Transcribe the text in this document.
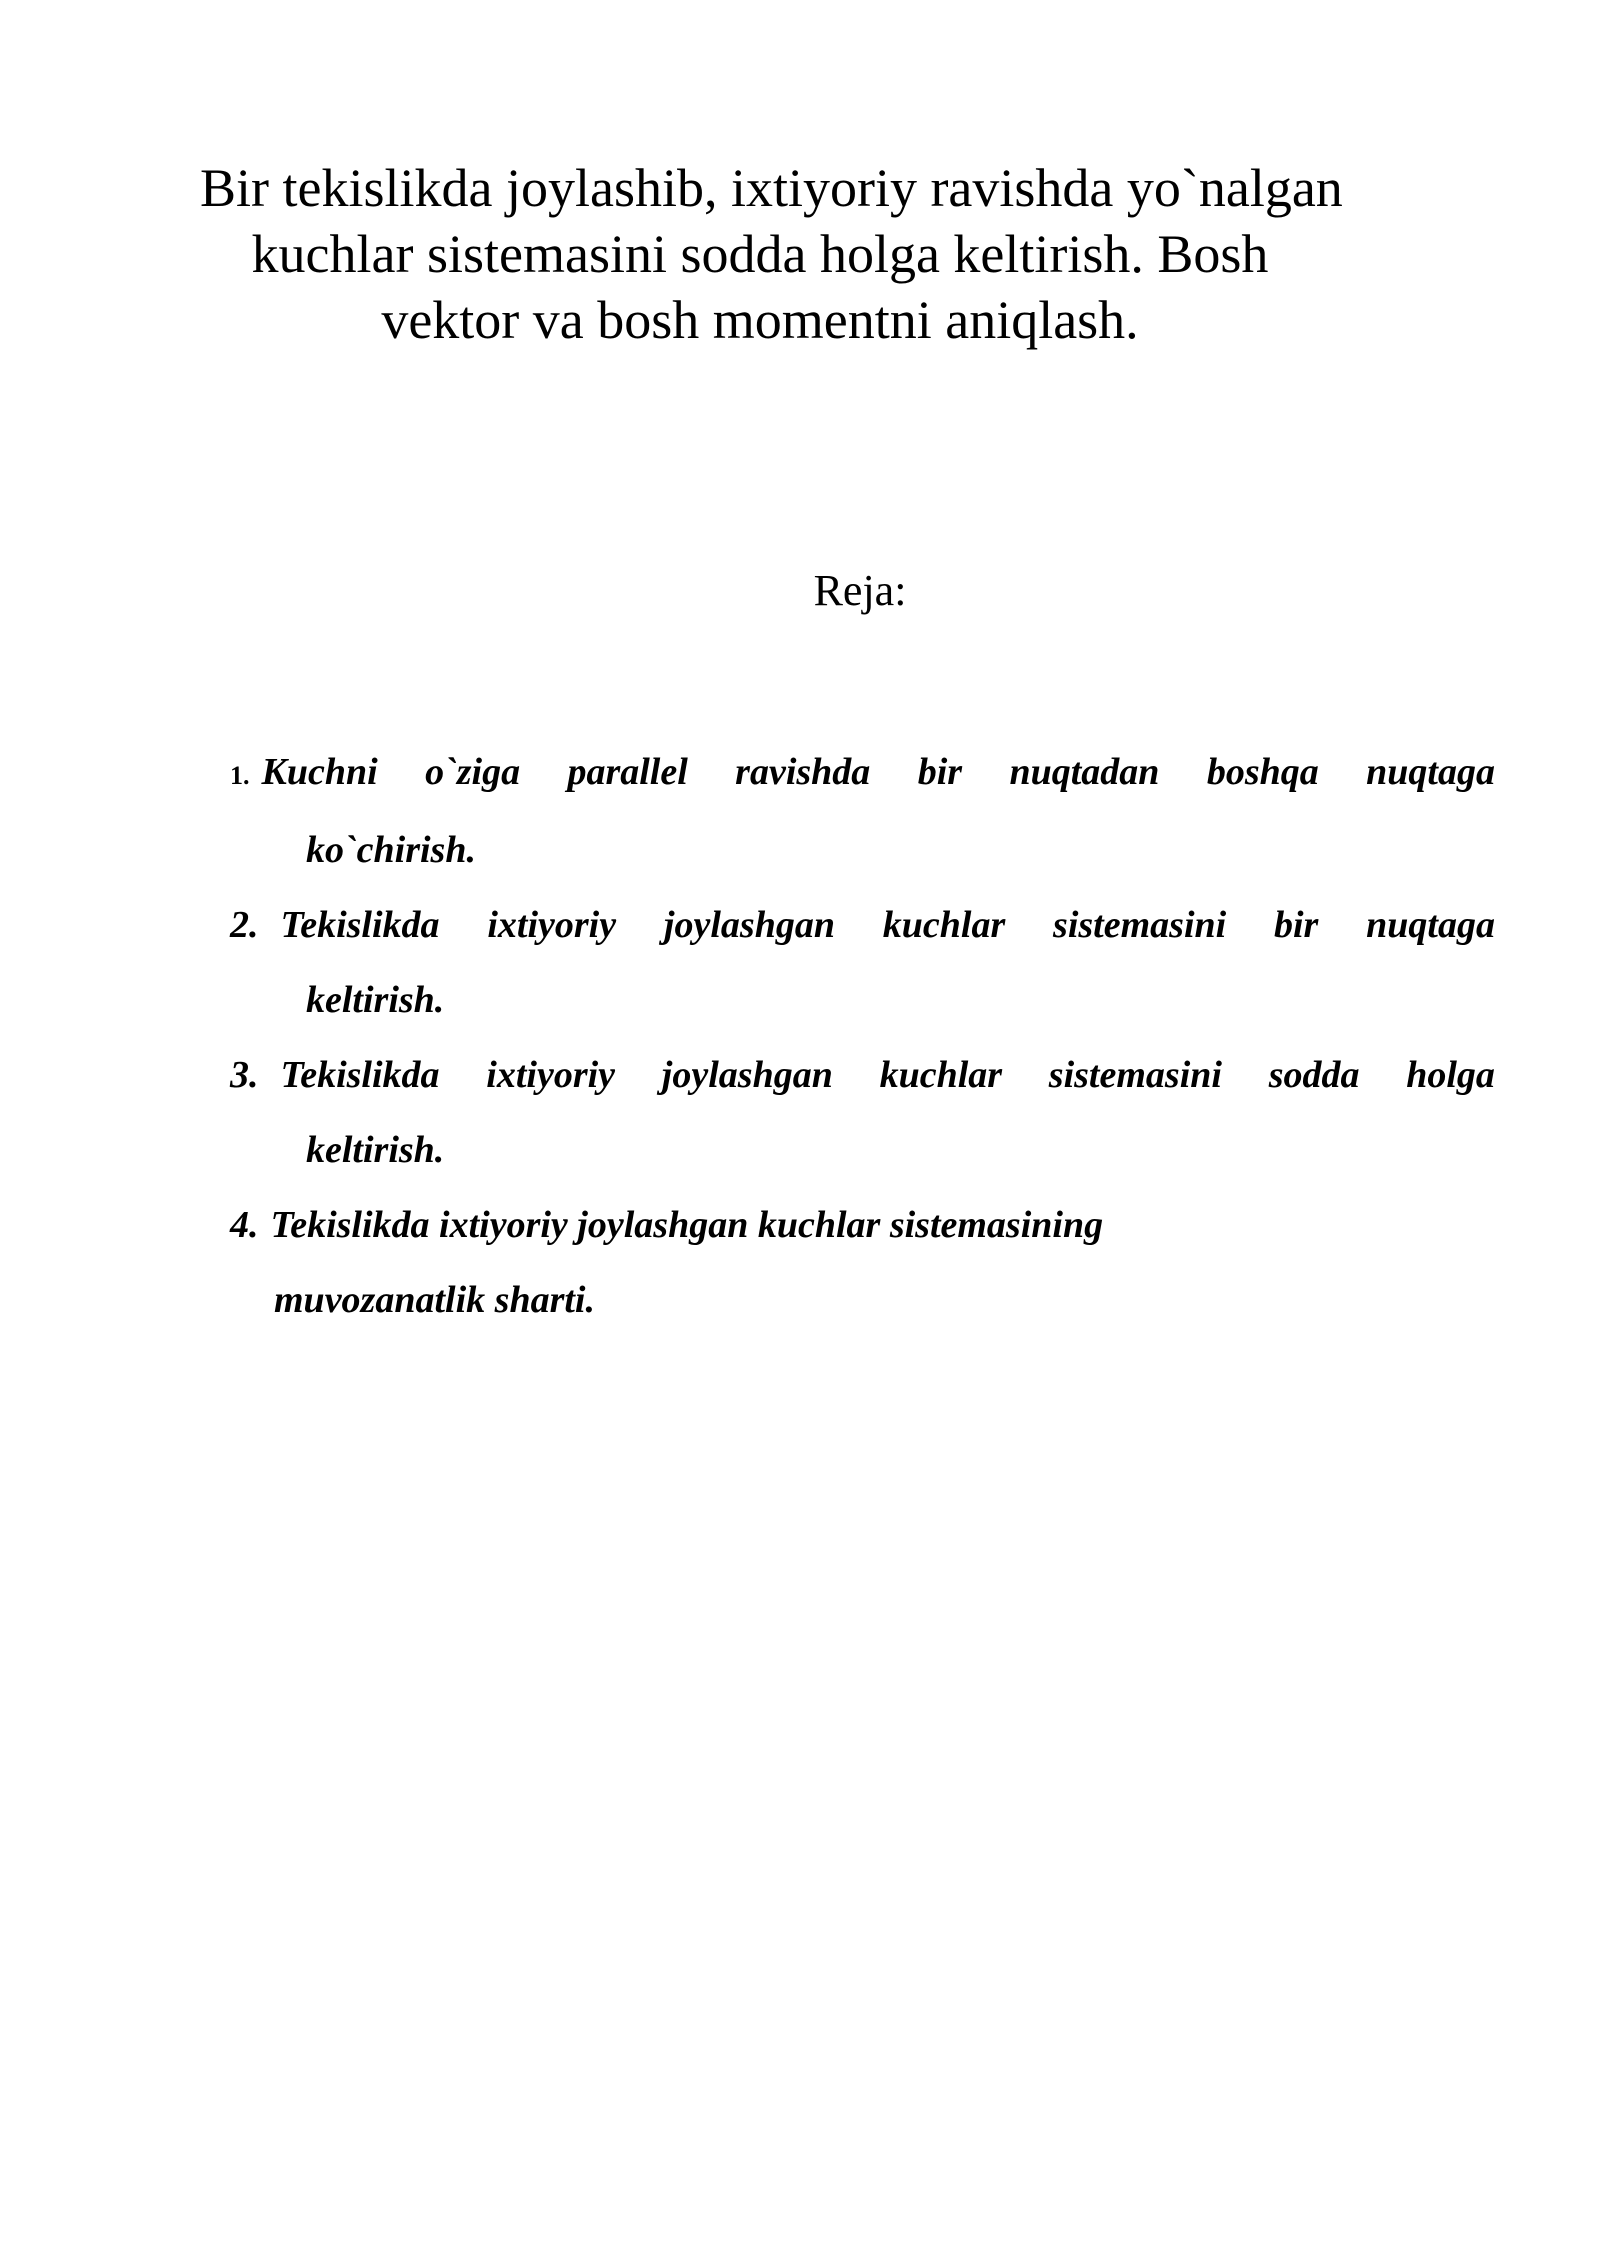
Bir tekislikda joylashib, ixtiyoriy ravishda yo`nalgan
kuchlar sistemasini sodda holga keltirish. Bosh
vektor va bosh momentni aniqlash.
Reja:
1. Kuchni o`ziga parallel ravishda bir nuqtadan boshqa nuqtaga
ko`chirish.
2. Tekislikda ixtiyoriy joylashgan kuchlar sistemasini bir nuqtaga
keltirish.
3. Tekislikda ixtiyoriy joylashgan kuchlar sistemasini sodda holga
keltirish.
4. Tekislikda ixtiyoriy joylashgan kuchlar sistemasining
muvozanatlik sharti.
